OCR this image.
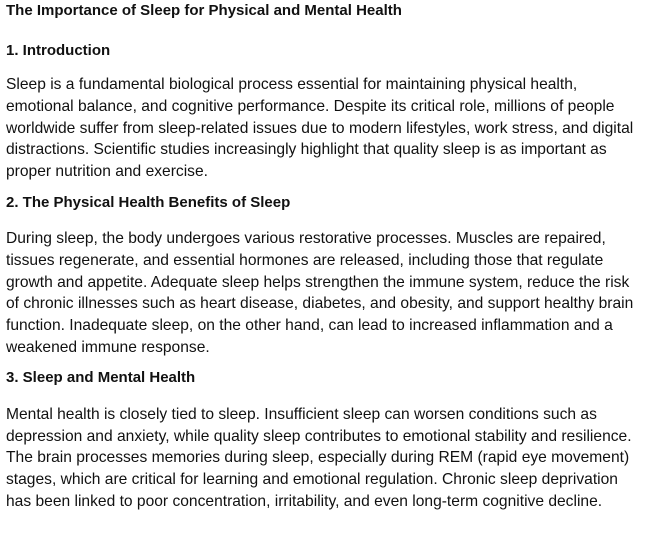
The Importance of Sleep for Physical and Mental Health
1. Introduction
Sleep is a fundamental biological process essential for maintaining physical health,
emotional balance, and cognitive performance. Despite its critical role, millions of people
worldwide suffer from sleep-related issues due to modern lifestyles, work stress, and digital
distractions. Scientific studies increasingly highlight that quality sleep is as important as
proper nutrition and exercise.
2. The Physical Health Benefits of Sleep
During sleep, the body undergoes various restorative processes. Muscles are repaired,
tissues regenerate, and essential hormones are released, including those that regulate
growth and appetite. Adequate sleep helps strengthen the immune system, reduce the risk
of chronic illnesses such as heart disease, diabetes, and obesity, and support healthy brain
function. Inadequate sleep, on the other hand, can lead to increased inflammation and a
weakened immune response.
3. Sleep and Mental Health
Mental health is closely tied to sleep. Insufficient sleep can worsen conditions such as
depression and anxiety, while quality sleep contributes to emotional stability and resilience.
The brain processes memories during sleep, especially during REM (rapid eye movement)
stages, which are critical for learning and emotional regulation. Chronic sleep deprivation
has been linked to poor concentration, irritability, and even long-term cognitive decline.
